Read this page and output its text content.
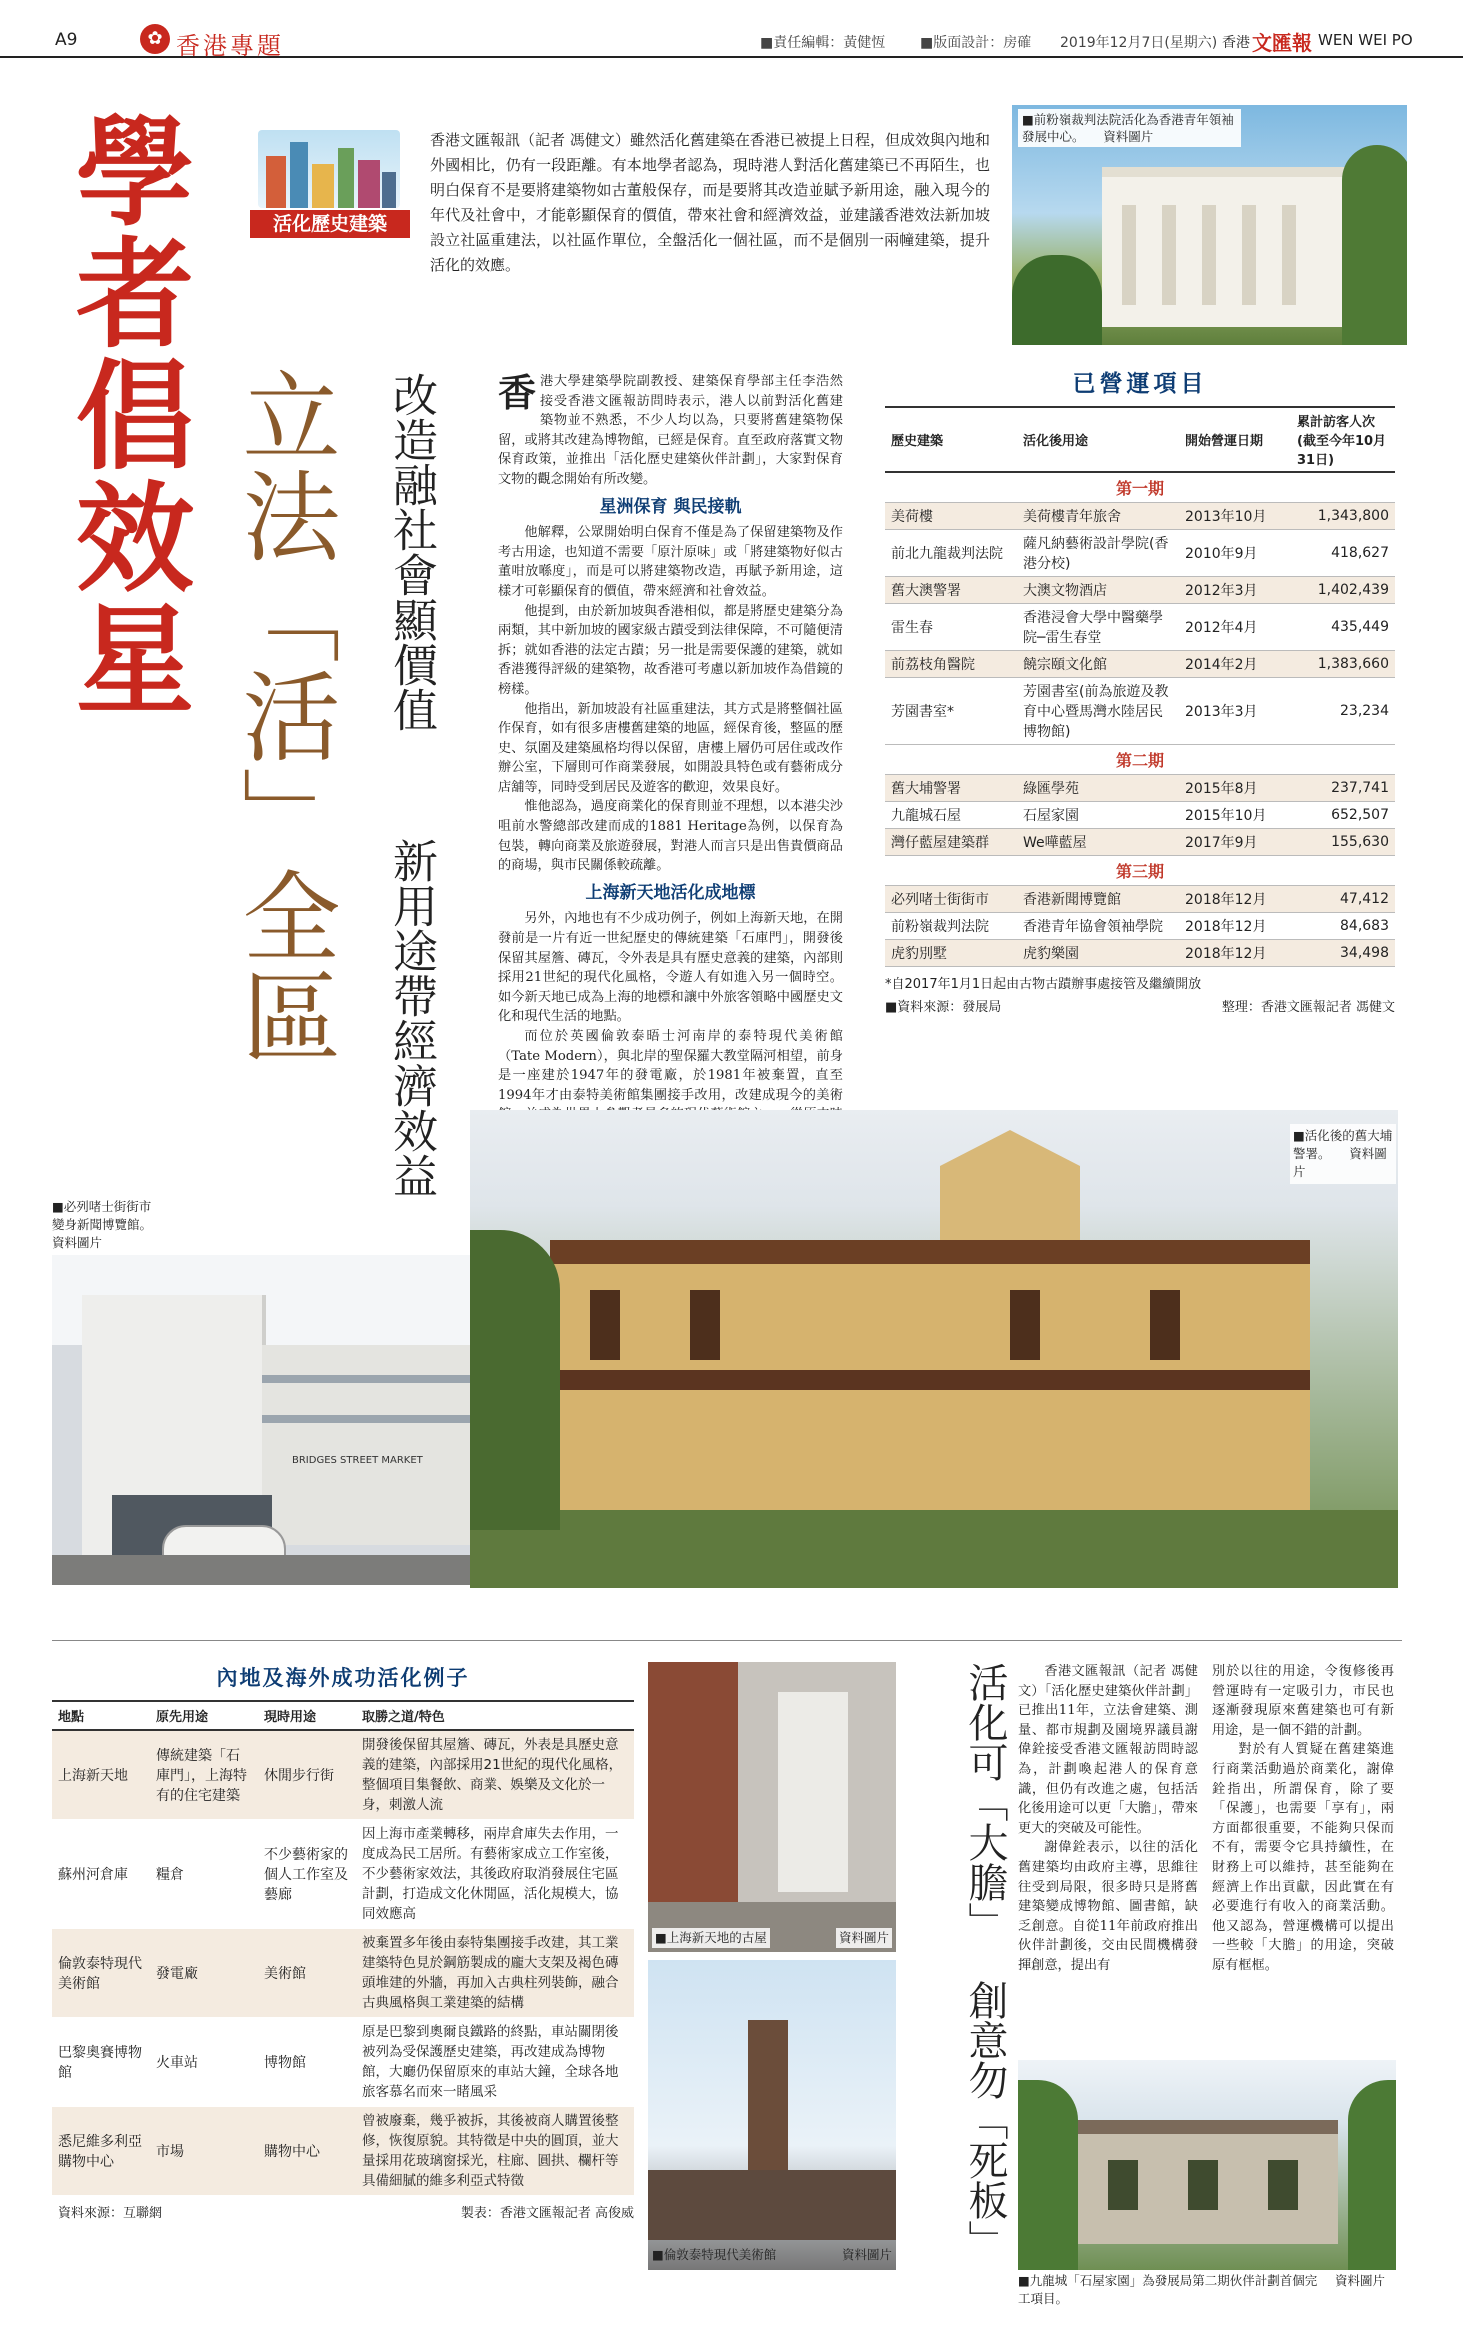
A9	✿ 香港專題	■責任編輯：黃健恆 ■版面設計：房確 2019年12月7日(星期六) 香港 文匯報 WEN WEI PO
學者倡效星	活化歷史建築
香港文匯報訊（記者 馮健文）雖然活化舊建築在香港已被提上日程，但成效與內地和外國相比，仍有一段距離。有本地學者認為，現時港人對活化舊建築已不再陌生，也明白保育不是要將建築物如古董般保存，而是要將其改造並賦予新用途，融入現今的年代及社會中，才能彰顯保育的價值，帶來社會和經濟效益，並建議香港效法新加坡設立社區重建法，以社區作單位，全盤活化一個社區，而不是個別一兩幢建築，提升活化的效應。
立法「活」全區 改造融社會顯價值
新用途帶經濟效益
■前粉嶺裁判法院活化為香港青年領袖發展中心。　　資料圖片
香 港大學建築學院副教授、建築保育學部主任李浩然接受香港文匯報訪問時表示，港人以前對活化舊建築物並不熟悉，不少人均以為，只要將舊建築物保留，或將其改建為博物館，已經是保育。直至政府落實文物保育政策，並推出「活化歷史建築伙伴計劃」，大家對保育文物的觀念開始有所改變。
星洲保育 與民接軌

他解釋，公眾開始明白保育不僅是為了保留建築物及作考古用途，也知道不需要「原汁原味」或「將建築物好似古董咁放喺度」，而是可以將建築物改造，再賦予新用途，這樣才可彰顯保育的價值，帶來經濟和社會效益。

他提到，由於新加坡與香港相似，都是將歷史建築分為兩類，其中新加坡的國家級古蹟受到法律保障，不可隨便清拆；就如香港的法定古蹟；另一批是需要保護的建築，就如香港獲得評級的建築物，故香港可考慮以新加坡作為借鏡的榜樣。

他指出，新加坡設有社區重建法，其方式是將整個社區作保育，如有很多唐樓舊建築的地區，經保育後，整區的歷史、氛圍及建築風格均得以保留，唐樓上層仍可居住或改作辦公室，下層則可作商業發展，如開設具特色或有藝術成分店舖等，同時受到居民及遊客的歡迎，效果良好。

惟他認為，過度商業化的保育則並不理想，以本港尖沙咀前水警總部改建而成的1881 Heritage為例，以保育為包裝，轉向商業及旅遊發展，對港人而言只是出售貴價商品的商場，與市民關係較疏離。

上海新天地活化成地標

另外，內地也有不少成功例子，例如上海新天地，在開發前是一片有近一世紀歷史的傳統建築「石庫門」，開發後保留其屋簷、磚瓦，令外表是具有歷史意義的建築，內部則採用21世紀的現代化風格，令遊人有如進入另一個時空。如今新天地已成為上海的地標和讓中外旅客領略中國歷史文化和現代生活的地點。

而位於英國倫敦泰晤士河南岸的泰特現代美術館（Tate Modern），與北岸的聖保羅大教堂隔河相望，前身是一座建於1947年的發電廠，於1981年被棄置，直至1994年才由泰特美術館集團接手改用，改建成現今的美術

已營運項目
歷史建築	活化後用途	開始營運日期	累計訪客人次(截至今年10月31日)
第一期			
美荷樓	美荷樓青年旅舍	2013年10月	1,343,800
前北九龍裁判法院	薩凡納藝術設計學院(香港分校)	2010年9月	418,627
舊大澳警署	大澳文物酒店	2012年3月	1,402,439
雷生春	香港浸會大學中醫藥學院─雷生春堂	2012年4月	435,449
前荔枝角醫院	饒宗頤文化館	2014年2月	1,383,660
芳園書室*	芳園書室(前為旅遊及教育中心暨馬灣水陸居民博物館)	2013年3月	23,234
第二期			
舊大埔警署	綠匯學苑	2015年8月	237,741
九龍城石屋	石屋家園	2015年10月	652,507
灣仔藍屋建築群	We嘩藍屋	2017年9月	155,630
第三期			
必列啫士街街市	香港新聞博覽館	2018年12月	47,412
前粉嶺裁判法院	香港青年協會領袖學院	2018年12月	84,683
虎豹別墅	虎豹樂園	2018年12月	34,498
*自2017年1月1日起由古物古蹟辦事處接管及繼續開放
■資料來源：發展局	整理：香港文匯報記者 馮健文
■必列啫士街街市變身新聞博覽館。　資料圖片
BRIDGES STREET MARKET
■活化後的舊大埔警署。　　資料圖片
內地及海外成功活化例子
地點	原先用途	現時用途	取勝之道/特色
上海新天地	傳統建築「石庫門」，上海特有的住宅建築	休閒步行街	開發後保留其屋簷、磚瓦，外表是具歷史意義的建築，內部採用21世紀的現代化風格，整個項目集餐飲、商業、娛樂及文化於一身，刺激人流
蘇州河倉庫	糧倉	不少藝術家的個人工作室及藝廊	因上海市產業轉移，兩岸倉庫失去作用，一度成為民工居所。有藝術家成立工作室後，不少藝術家效法，其後政府取消發展住宅區計劃，打造成文化休閒區，活化規模大，協同效應高
倫敦泰特現代美術館	發電廠	美術館	被棄置多年後由泰特集團接手改建，其工業建築特色見於鋼筋製成的龐大支架及褐色磚頭堆建的外牆，再加入古典柱列裝飾，融合古典風格與工業建築的結構
巴黎奧賽博物館	火車站	博物館	原是巴黎到奧爾良鐵路的終點，車站關閉後被列為受保護歷史建築，再改建成為博物館，大廳仍保留原來的車站大鐘，全球各地旅客慕名而來一睹風采
悉尼維多利亞購物中心	市場	購物中心	曾被廢棄，幾乎被拆，其後被商人購置後整修，恢復原貌。其特徵是中央的圓頂，並大量採用花玻璃窗採光，柱廊、圓拱、欄杆等具備細膩的維多利亞式特徵
資料來源：互聯網	製表：香港文匯報記者 高俊威
■上海新天地的古屋	資料圖片
■倫敦泰特現代美術館	資料圖片
活化可「大膽」
創意勿「死板」

香港文匯報訊（記者 馮健文）「活化歷史建築伙伴計劃」已推出11年，立法會建築、測量、都市規劃及園境界議員謝偉銓接受香港文匯報訪問時認為，計劃喚起港人的保育意識，但仍有改進之處，包括活化後用途可以更「大膽」，帶來更大的突破及可能性。

謝偉銓表示，以往的活化舊建築均由政府主導，思維往往受到局限，很多時只是將舊建築變成博物館、圖書館，缺乏創意。自從11年前政府推出伙伴計劃後，交由民間機構發揮創意，提出有

別於以往的用途，令復修後再營運時有一定吸引力，市民也逐漸發現原來舊建築也可有新用途，是一個不錯的計劃。

對於有人質疑在舊建築進行商業活動過於商業化，謝偉銓指出，所謂保育，除了要「保護」，也需要「享有」，兩方面都很重要，不能夠只保而不有，需要令它具持續性，在財務上可以維持，甚至能夠在經濟上作出貢獻，因此實在有必要進行有收入的商業活動。他又認為，營運機構可以提出一些較「大膽」的用途，突破原有框框。

■九龍城「石屋家園」為發展局第二期伙伴計劃首個完工項目。
資料圖片
